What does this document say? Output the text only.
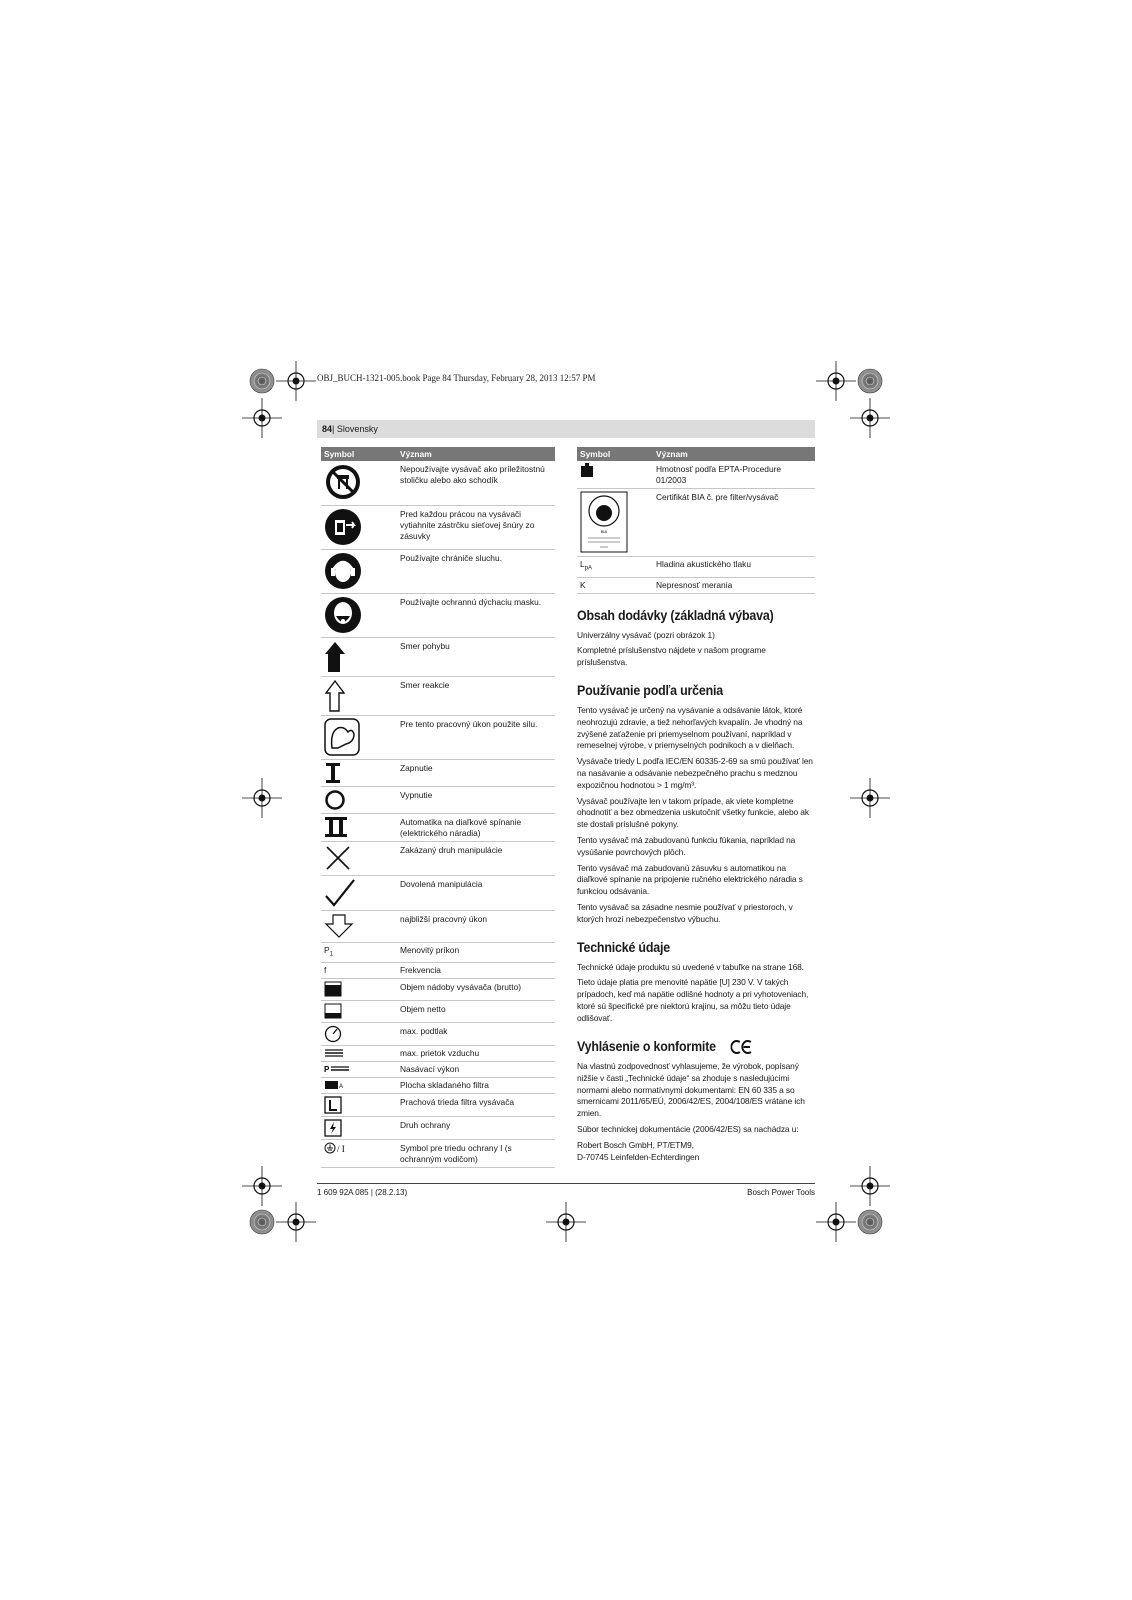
OBJ_BUCH-1321-005.book Page 84 Thursday, February 28, 2013 12:57 PM
84| Slovensky
Symbol	Význam

	Nepoužívajte vysávač ako príležitostnú stoličku alebo ako schodík

	Pred každou prácou na vysávači vytiahnite zástrčku sieťovej šnúry zo zásuvky

	Používajte chrániče sluchu.

	Používajte ochrannú dýchaciu masku.

	Smer pohybu

	Smer reakcie

	Pre tento pracovný úkon použite silu.

	Zapnutie

	Vypnutie

	Automatika na diaľkové spínanie (elektrického náradia)

	Zakázaný druh manipulácie

	Dovolená manipulácia

	najbližší pracovný úkon
$P_1$	Menovitý príkon
f	Frekvencia

	Objem nádoby vysávača (brutto)

	Objem netto

	max. podtlak

	max. prietok vzduchu

P	Nasávací výkon

A	Plocha skladaného filtra

	Prachová trieda filtra vysávača

	Druh ochrany

/ I	Symbol pre triedu ochrany I (s ochranným vodičom)
Symbol	Význam

	Hmotnosť podľa EPTA-Procedure 01/2003

BIA	Certifikát BIA č. pre filter/vysávač
$L_{pA}$	Hladina akustického tlaku
K	Nepresnosť merania
Obsah dodávky (základná výbava)

Univerzálny vysávač (pozri obrázok 1)

Kompletné príslušenstvo nájdete v našom programe príslušenstva.

Používanie podľa určenia

Tento vysávač je určený na vysávanie a odsávanie látok, ktoré neohrozujú zdravie, a tiež nehorľavých kvapalín. Je vhodný na zvýšené zaťaženie pri priemyselnom používaní, napríklad v remeselnej výrobe, v priemyselných podnikoch a v dielňach.

Vysávače triedy L podľa IEC/EN 60335-2-69 sa smú používať len na nasávanie a odsávanie nebezpečného prachu s medznou expozičnou hodnotou > 1 mg/m³.

Vysávač používajte len v takom prípade, ak viete kompletne ohodnotiť a bez obmedzenia uskutočniť všetky funkcie, alebo ak ste dostali príslušné pokyny.

Tento vysávač má zabudovanú funkciu fúkania, napríklad na vysúšanie povrchových plôch.

Tento vysávač má zabudovanú zásuvku s automatikou na diaľkové spínanie na pripojenie ručného elektrického náradia s funkciou odsávania.

Tento vysávač sa zásadne nesmie používať v priestoroch, v ktorých hrozí nebezpečenstvo výbuchu.

Technické údaje

Technické údaje produktu sú uvedené v tabuľke na strane 168.

Tieto údaje platia pre menovité napätie [U] 230 V. V takých prípadoch, keď má napätie odlišné hodnoty a pri vyhotoveniach, ktoré sú špecifické pre niektorú krajinu, sa môžu tieto údaje odlišovať.

Vyhlásenie o konformite

Na vlastnú zodpovednosť vyhlasujeme, že výrobok, popísaný nižšie v časti „Technické údaje“ sa zhoduje s nasledujúcimi normami alebo normatívnymi dokumentami: EN 60 335 a so smernicami 2011/65/EÚ, 2006/42/ES, 2004/108/ES vrátane ich zmien.

Súbor technickej dokumentácie (2006/42/ES) sa nachádza u:

Robert Bosch GmbH, PT/ETM9,

D-70745 Leinfelden-Echterdingen

1 609 92A 085 | (28.2.13)	Bosch Power Tools
